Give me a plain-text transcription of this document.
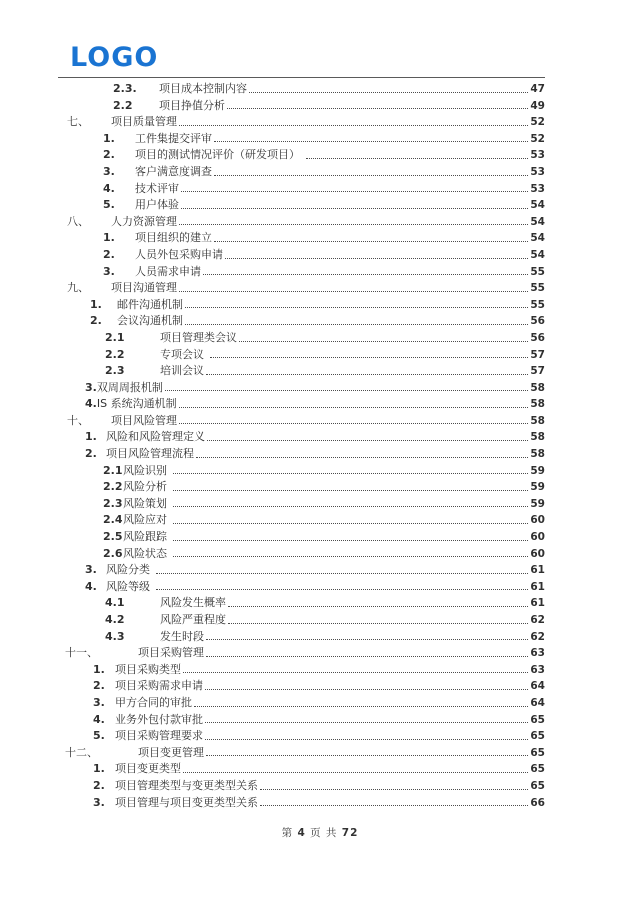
LOGO
2.3.	项目成本控制内容	47
2.2	项目挣值分析	49
七、	项目质量管理	52
1.	工件集提交评审	52
2.	项目的测试情况评价（研发项目）	53
3.	客户满意度调查	53
4.	技术评审	53
5.	用户体验	54
八、	人力资源管理	54
1.	项目组织的建立	54
2.	人员外包采购申请	54
3.	人员需求申请	55
九、	项目沟通管理	55
1.	邮件沟通机制	55
2.	会议沟通机制	56
2.1	项目管理类会议	56
2.2	专项会议	57
2.3	培训会议	57
3. 双周周报机制	58
4. IS 系统沟通机制	58
十、	项目风险管理	58
1. 风险和风险管理定义	58
2. 项目风险管理流程	58
2.1 风险识别	59
2.2 风险分析	59
2.3 风险策划	59
2.4 风险应对	60
2.5 风险跟踪	60
2.6 风险状态	60
3. 风险分类	61
4. 风险等级	61
4.1	风险发生概率	61
4.2	风险严重程度	62
4.3	发生时段	62
十一、	项目采购管理	63
1. 项目采购类型	63
2. 项目采购需求申请	64
3. 甲方合同的审批	64
4. 业务外包付款审批	65
5. 项目采购管理要求	65
十二、	项目变更管理	65
1. 项目变更类型	65
2. 项目管理类型与变更类型关系	65
3. 项目管理与项目变更类型关系	66
第 4 页 共 72
